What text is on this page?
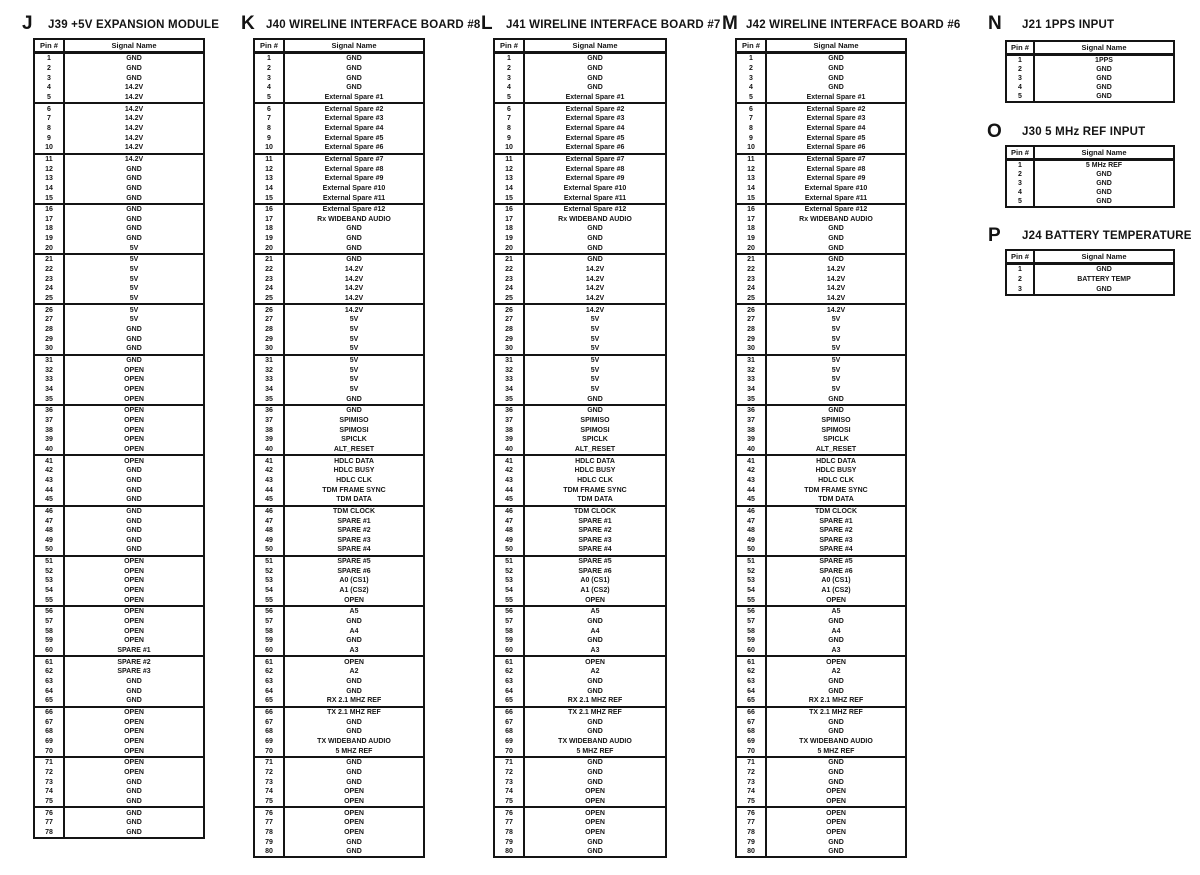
J J39 +5V EXPANSION MODULE
Pin #	Signal Name
1	GND
2	GND
3	GND
4	14.2V
5	14.2V
6	14.2V
7	14.2V
8	14.2V
9	14.2V
10	14.2V
11	14.2V
12	GND
13	GND
14	GND
15	GND
16	GND
17	GND
18	GND
19	GND
20	5V
21	5V
22	5V
23	5V
24	5V
25	5V
26	5V
27	5V
28	GND
29	GND
30	GND
31	GND
32	OPEN
33	OPEN
34	OPEN
35	OPEN
36	OPEN
37	OPEN
38	OPEN
39	OPEN
40	OPEN
41	OPEN
42	GND
43	GND
44	GND
45	GND
46	GND
47	GND
48	GND
49	GND
50	GND
51	OPEN
52	OPEN
53	OPEN
54	OPEN
55	OPEN
56	OPEN
57	OPEN
58	OPEN
59	OPEN
60	SPARE #1
61	SPARE #2
62	SPARE #3
63	GND
64	GND
65	GND
66	OPEN
67	OPEN
68	OPEN
69	OPEN
70	OPEN
71	OPEN
72	OPEN
73	GND
74	GND
75	GND
76	GND
77	GND
78	GND
K J40 WIRELINE INTERFACE BOARD #8
Pin #	Signal Name
1	GND
2	GND
3	GND
4	GND
5	External Spare #1
6	External Spare #2
7	External Spare #3
8	External Spare #4
9	External Spare #5
10	External Spare #6
11	External Spare #7
12	External Spare #8
13	External Spare #9
14	External Spare #10
15	External Spare #11
16	External Spare #12
17	Rx WIDEBAND AUDIO
18	GND
19	GND
20	GND
21	GND
22	14.2V
23	14.2V
24	14.2V
25	14.2V
26	14.2V
27	5V
28	5V
29	5V
30	5V
31	5V
32	5V
33	5V
34	5V
35	GND
36	GND
37	SPIMISO
38	SPIMOSI
39	SPICLK
40	ALT_RESET
41	HDLC DATA
42	HDLC BUSY
43	HDLC CLK
44	TDM FRAME SYNC
45	TDM DATA
46	TDM CLOCK
47	SPARE #1
48	SPARE #2
49	SPARE #3
50	SPARE #4
51	SPARE #5
52	SPARE #6
53	A0 (CS1)
54	A1 (CS2)
55	OPEN
56	A5
57	GND
58	A4
59	GND
60	A3
61	OPEN
62	A2
63	GND
64	GND
65	RX 2.1 MHZ REF
66	TX 2.1 MHZ REF
67	GND
68	GND
69	TX WIDEBAND AUDIO
70	5 MHZ REF
71	GND
72	GND
73	GND
74	OPEN
75	OPEN
76	OPEN
77	OPEN
78	OPEN
79	GND
80	GND
L J41 WIRELINE INTERFACE BOARD #7
Pin #	Signal Name
1	GND
2	GND
3	GND
4	GND
5	External Spare #1
6	External Spare #2
7	External Spare #3
8	External Spare #4
9	External Spare #5
10	External Spare #6
11	External Spare #7
12	External Spare #8
13	External Spare #9
14	External Spare #10
15	External Spare #11
16	External Spare #12
17	Rx WIDEBAND AUDIO
18	GND
19	GND
20	GND
21	GND
22	14.2V
23	14.2V
24	14.2V
25	14.2V
26	14.2V
27	5V
28	5V
29	5V
30	5V
31	5V
32	5V
33	5V
34	5V
35	GND
36	GND
37	SPIMISO
38	SPIMOSI
39	SPICLK
40	ALT_RESET
41	HDLC DATA
42	HDLC BUSY
43	HDLC CLK
44	TDM FRAME SYNC
45	TDM DATA
46	TDM CLOCK
47	SPARE #1
48	SPARE #2
49	SPARE #3
50	SPARE #4
51	SPARE #5
52	SPARE #6
53	A0 (CS1)
54	A1 (CS2)
55	OPEN
56	A5
57	GND
58	A4
59	GND
60	A3
61	OPEN
62	A2
63	GND
64	GND
65	RX 2.1 MHZ REF
66	TX 2.1 MHZ REF
67	GND
68	GND
69	TX WIDEBAND AUDIO
70	5 MHZ REF
71	GND
72	GND
73	GND
74	OPEN
75	OPEN
76	OPEN
77	OPEN
78	OPEN
79	GND
80	GND
M J42 WIRELINE INTERFACE BOARD #6
Pin #	Signal Name
1	GND
2	GND
3	GND
4	GND
5	External Spare #1
6	External Spare #2
7	External Spare #3
8	External Spare #4
9	External Spare #5
10	External Spare #6
11	External Spare #7
12	External Spare #8
13	External Spare #9
14	External Spare #10
15	External Spare #11
16	External Spare #12
17	Rx WIDEBAND AUDIO
18	GND
19	GND
20	GND
21	GND
22	14.2V
23	14.2V
24	14.2V
25	14.2V
26	14.2V
27	5V
28	5V
29	5V
30	5V
31	5V
32	5V
33	5V
34	5V
35	GND
36	GND
37	SPIMISO
38	SPIMOSI
39	SPICLK
40	ALT_RESET
41	HDLC DATA
42	HDLC BUSY
43	HDLC CLK
44	TDM FRAME SYNC
45	TDM DATA
46	TDM CLOCK
47	SPARE #1
48	SPARE #2
49	SPARE #3
50	SPARE #4
51	SPARE #5
52	SPARE #6
53	A0 (CS1)
54	A1 (CS2)
55	OPEN
56	A5
57	GND
58	A4
59	GND
60	A3
61	OPEN
62	A2
63	GND
64	GND
65	RX 2.1 MHZ REF
66	TX 2.1 MHZ REF
67	GND
68	GND
69	TX WIDEBAND AUDIO
70	5 MHZ REF
71	GND
72	GND
73	GND
74	OPEN
75	OPEN
76	OPEN
77	OPEN
78	OPEN
79	GND
80	GND
N J21 1PPS INPUT
Pin #	Signal Name
1	1PPS
2	GND
3	GND
4	GND
5	GND
O J30 5 MHz REF INPUT
Pin #	Signal Name
1	5 MHz REF
2	GND
3	GND
4	GND
5	GND
P J24 BATTERY TEMPERATURE
Pin #	Signal Name
1	GND
2	BATTERY TEMP
3	GND
